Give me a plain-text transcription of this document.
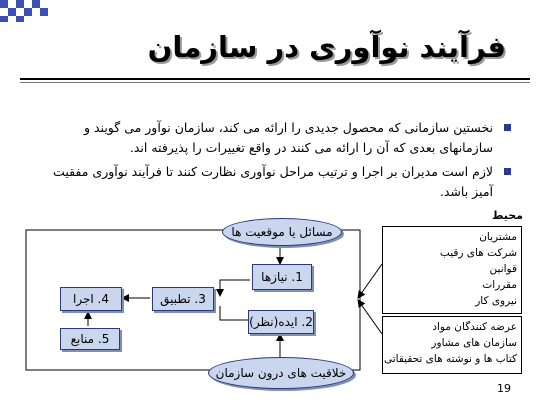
فرآیند نوآوری در سازمان
نخستین سازمانی که محصول جدیدی را ارائه می کند، سازمان نوآور می گویند و سازمانهای بعدی که آن را ارائه می کنند در واقع تغییرات را پذیرفته اند.
لازم است مدیران بر اجرا و ترتیب مراحل نوآوری نظارت کنند تا فرآیند نوآوری مفقیت آمیز باشد.
مسائل یا موقعیت ها
1. نیازها
2. ایده(نظر)
3. تطبیق
4. اجرا
5. منابع
خلاقیت های درون سازمان
محیط
مشتریان
شرکت های رقیب
قوانین
مقررات
نیروی کار
عرضه کنندگان مواد
سازمان های مشاور
کتاب ها و نوشته های تحقیقاتی
19
